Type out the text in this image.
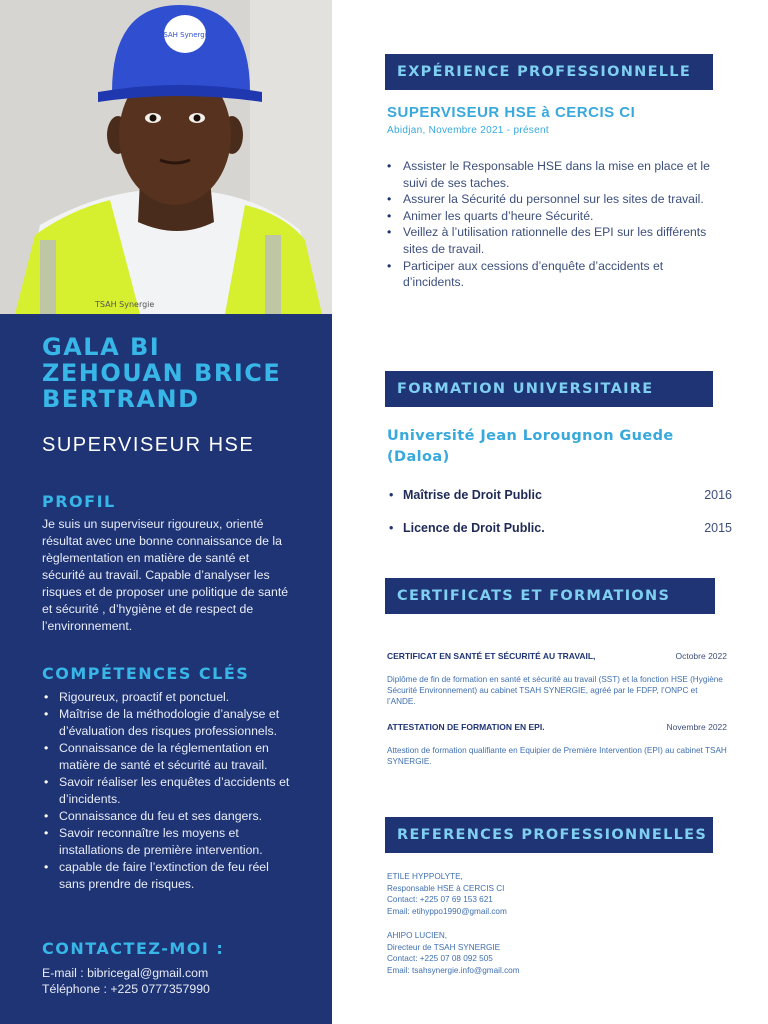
TSAH Synergie
TSAH Synergie
GALA BI
ZEHOUAN BRICE
BERTRAND
SUPERVISEUR HSE
PROFIL
Je suis un superviseur rigoureux, orienté résultat avec une bonne connaissance de la règlementation en matière de santé et sécurité au travail. Capable d’analyser les risques et de proposer une politique de santé et sécurité , d’hygiène et de respect de l’environnement.
COMPÉTENCES CLÉS
• Rigoureux, proactif et ponctuel.
• Maîtrise de la méthodologie d’analyse et d’évaluation des risques professionnels.
• Connaissance de la réglementation en matière de santé et sécurité au travail.
• Savoir réaliser les enquêtes d’accidents et d’incidents.
• Connaissance du feu et ses dangers.
• Savoir reconnaître les moyens et installations de première intervention.
• capable de faire l’extinction de feu réel sans prendre de risques.
CONTACTEZ-MOI :
E-mail : bibricegal@gmail.com
Téléphone : +225 0777357990
EXPÉRIENCE PROFESSIONNELLE
SUPERVISEUR HSE à CERCIS CI
Abidjan, Novembre 2021 - présent
• Assister le Responsable HSE dans la mise en place et le suivi de ses taches.
• Assurer la Sécurité du personnel sur les sites de travail.
• Animer les quarts d’heure Sécurité.
• Veillez à l’utilisation rationnelle des EPI sur les différents sites de travail.
• Participer aux cessions d’enquête d’accidents et d’incidents.
FORMATION UNIVERSITAIRE
Université Jean Lorougnon Guede (Daloa)
• Maîtrise de Droit Public	2016
• Licence de Droit Public.	2015
CERTIFICATS ET FORMATIONS
CERTIFICAT EN SANTÉ ET SÉCURITÉ AU TRAVAIL,	Octobre 2022
Diplôme de fin de formation en santé et sécurité au travail (SST) et la fonction HSE (Hygiène Sécurité Environnement) au cabinet TSAH SYNERGIE, agréé par le FDFP, l’ONPC et l’ANDE.
ATTESTATION DE FORMATION EN EPI.	Novembre 2022
Attestion de formation qualifiante en Equipier de Première Intervention (EPI) au cabinet TSAH SYNERGIE.
REFERENCES PROFESSIONNELLES
ETILE HYPPOLYTE,
Responsable HSE à CERCIS CI
Contact: +225 07 69 153 621
Email: etihyppo1990@gmail.com
AHIPO LUCIEN,
Directeur de TSAH SYNERGIE
Contact: +225 07 08 092 505
Email: tsahsynergie.info@gmail.com
